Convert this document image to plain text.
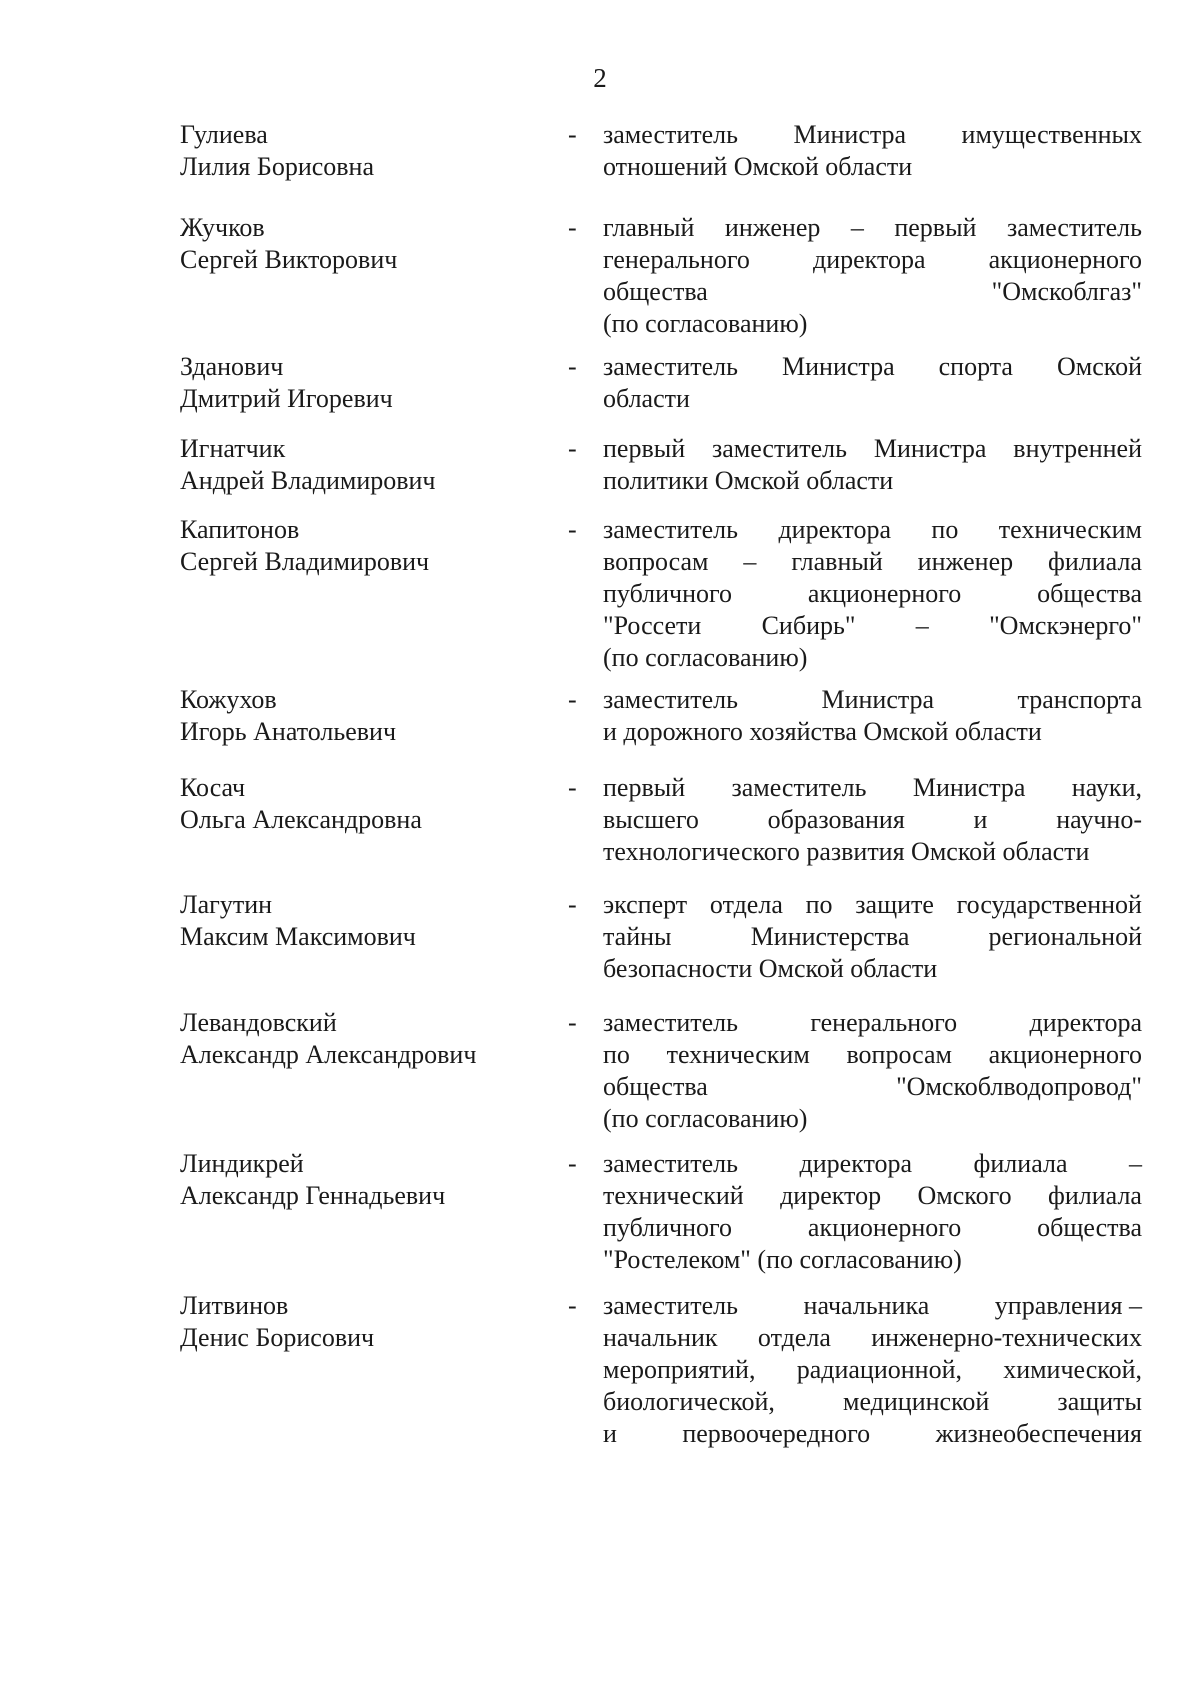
2
Гулиева
Лилия Борисовна
- заместитель Министра имущественных
отношений Омской области
Жучков
Сергей Викторович
- главный инженер – первый заместитель
генерального директора акционерного
общества	"Омскоблгаз"
(по согласованию)
Зданович
Дмитрий Игоревич
- заместитель Министра спорта Омской
области
Игнатчик
Андрей Владимирович
- первый заместитель Министра внутренней
политики Омской области
Капитонов
Сергей Владимирович
- заместитель директора по техническим
вопросам – главный инженер филиала
публичного	акционерного	общества
"Россети Сибирь" – "Омскэнерго"
(по согласованию)
Кожухов
Игорь Анатольевич
- заместитель	Министра	транспорта
и дорожного хозяйства Омской области
Косач
Ольга Александровна
- первый заместитель Министра науки,
высшего	образования	и	научно-
технологического развития Омской области
Лагутин
Максим Максимович
- эксперт отдела по защите государственной
тайны	Министерства	региональной
безопасности Омской области
Левандовский
Александр Александрович
- заместитель	генерального	директора
по техническим вопросам акционерного
общества	"Омскоблводопровод"
(по согласованию)
Линдикрей
Александр Геннадьевич
- заместитель директора филиала –
технический директор Омского филиала
публичного	акционерного	общества
"Ростелеком" (по согласованию)
Литвинов
Денис Борисович
- заместитель	начальника	управления –
начальник отдела инженерно-технических
мероприятий, радиационной, химической,
биологической,	медицинской	защиты
и	первоочередного	жизнеобеспечения
